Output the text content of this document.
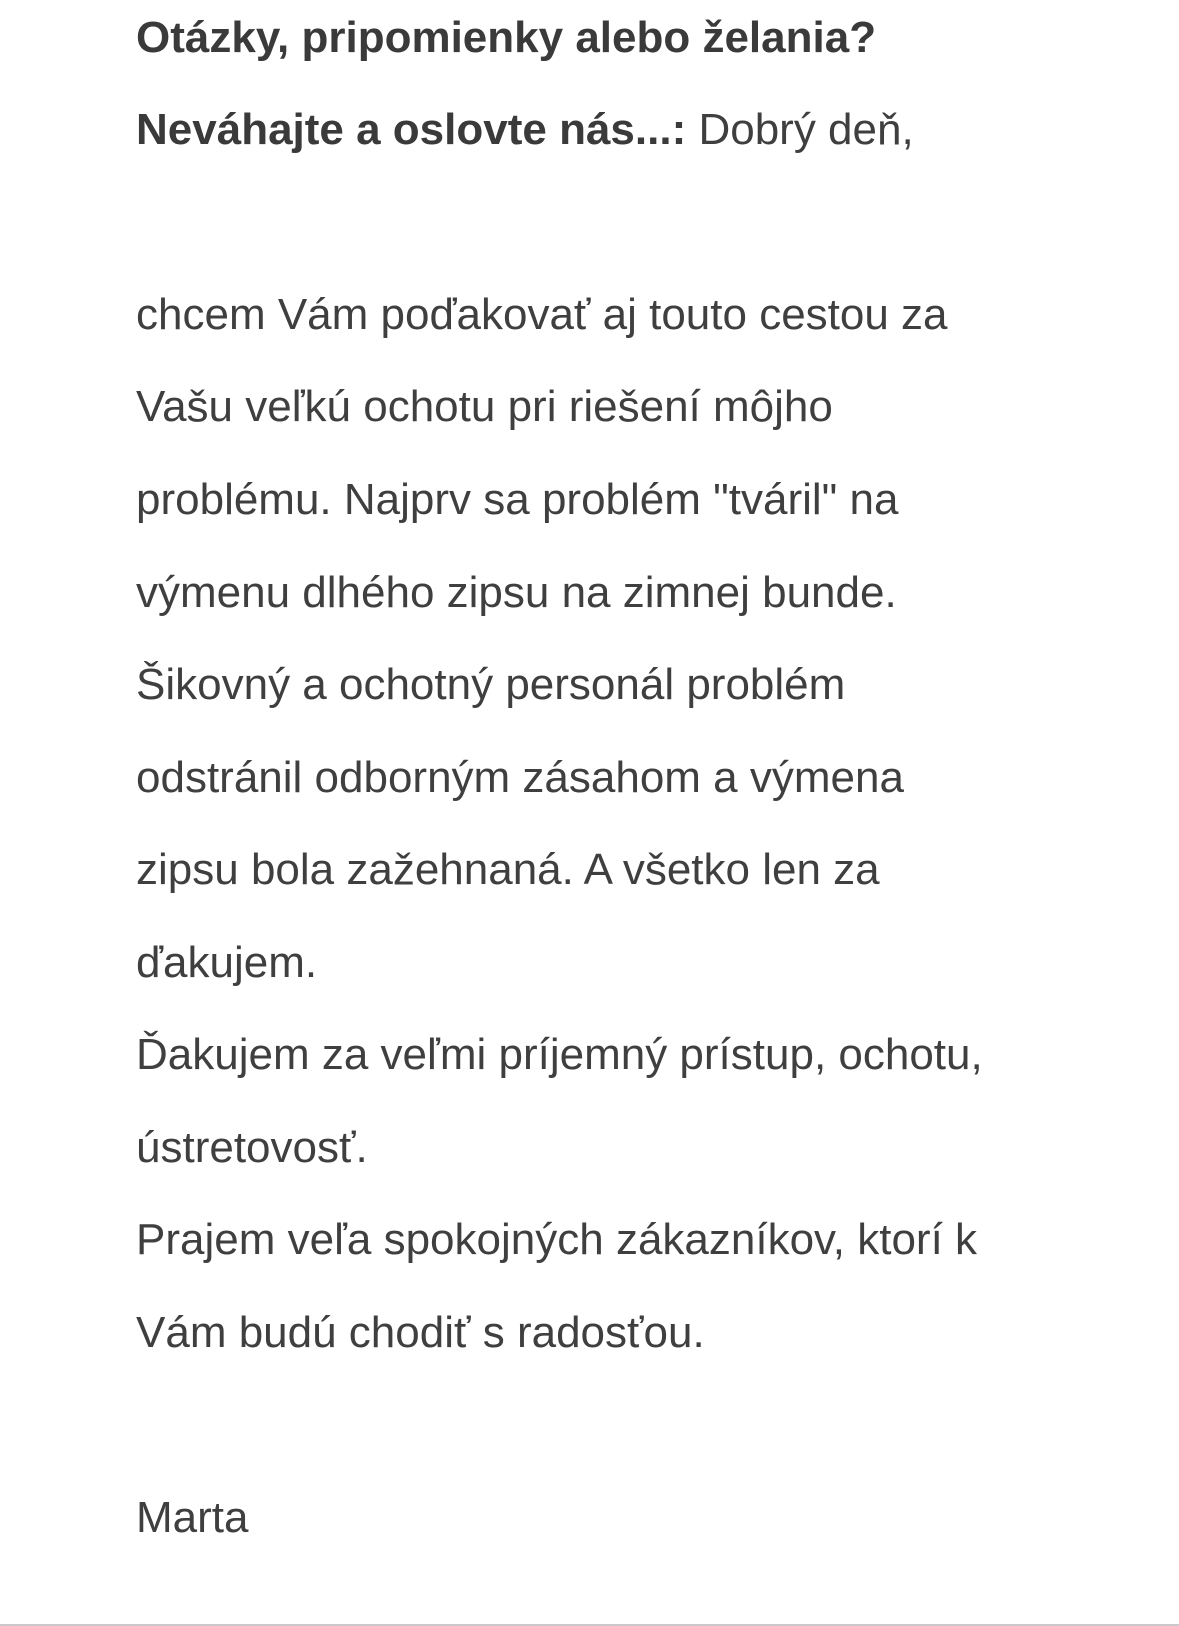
Otázky, pripomienky alebo želania?
Neváhajte a oslovte nás...: Dobrý deň,
chcem Vám poďakovať aj touto cestou za
Vašu veľkú ochotu pri riešení môjho
problému. Najprv sa problém "tváril" na
výmenu dlhého zipsu na zimnej bunde.
Šikovný a ochotný personál problém
odstránil odborným zásahom a výmena
zipsu bola zažehnaná. A všetko len za
ďakujem.
Ďakujem za veľmi príjemný prístup, ochotu,
ústretovosť.
Prajem veľa spokojných zákazníkov, ktorí k
Vám budú chodiť s radosťou.
Marta
